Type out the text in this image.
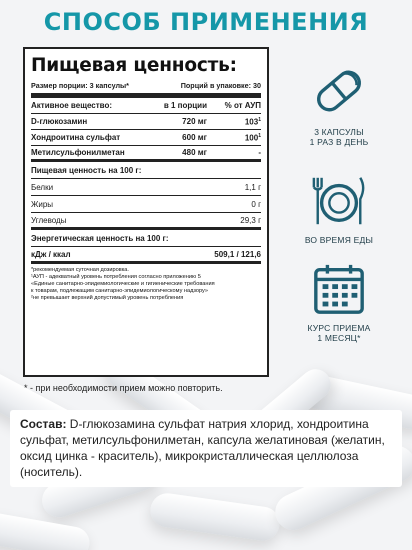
СПОСОБ ПРИМЕНЕНИЯ
Пищевая ценность:
Размер порции: 3 капсулы*	Порций в упаковке: 30
Активное вещество:	в 1 порции	% от АУП
D-глюкозамин	720 мг	$103^1$
Хондроитина сульфат	600 мг	$100^1$
Метилсульфонилметан	480 мг	-
Пищевая ценность на 100 г:
Белки	1,1 г
Жиры	0 г
Углеводы	29,3 г
Энергетическая ценность на 100 г:
кДж / ккал	509,1 / 121,6
*рекомендуемая суточная дозировка.
¹АУП - адекватный уровень потребления согласно приложению 5
«Единые санитарно-эпидемиологические и гигиенические требования
к товарам, подлежащим санитарно-эпидемиологическому надзору»
²не превышает верхний допустимый уровень потребления
* - при необходимости прием можно повторить.
3 КАПСУЛЫ
1 РАЗ В ДЕНЬ
ВО ВРЕМЯ ЕДЫ
КУРС ПРИЕМА
1 МЕСЯЦ*
Состав: D-глюкозамина сульфат натрия хлорид, хондроитина сульфат, метилсульфонилметан, капсула желатиновая (желатин, оксид цинка - краситель), микрокристаллическая целлюлоза (носитель).
